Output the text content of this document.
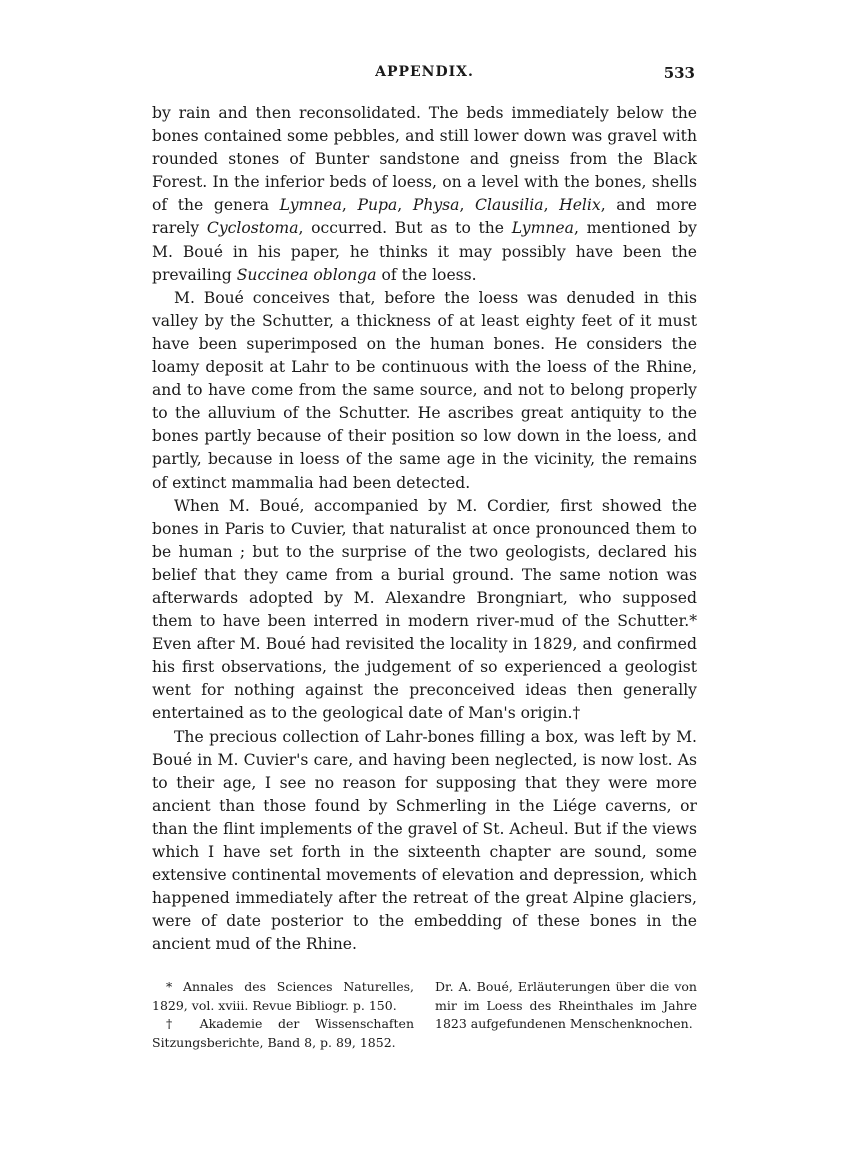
APPENDIX.	533

by rain and then reconsolidated. The beds immediately below the bones contained some pebbles, and still lower down was gravel with rounded stones of Bunter sandstone and gneiss from the Black Forest. In the inferior beds of loess, on a level with the bones, shells of the genera Lymnea, Pupa, Physa, Clausilia, Helix, and more rarely Cyclostoma, occurred. But as to the Lymnea, mentioned by M. Boué in his paper, he thinks it may possibly have been the prevailing Succinea oblonga of the loess.

M. Boué conceives that, before the loess was denuded in this valley by the Schutter, a thickness of at least eighty feet of it must have been superimposed on the human bones. He considers the loamy deposit at Lahr to be continuous with the loess of the Rhine, and to have come from the same source, and not to belong properly to the alluvium of the Schutter. He ascribes great antiquity to the bones partly because of their position so low down in the loess, and partly, because in loess of the same age in the vicinity, the remains of extinct mammalia had been detected.

When M. Boué, accompanied by M. Cordier, first showed the bones in Paris to Cuvier, that naturalist at once pronounced them to be human ; but to the surprise of the two geologists, declared his belief that they came from a burial ground. The same notion was afterwards adopted by M. Alexandre Brongniart, who supposed them to have been interred in modern river-mud of the Schutter.* Even after M. Boué had revisited the locality in 1829, and confirmed his first observations, the judgement of so experienced a geologist went for nothing against the preconceived ideas then generally entertained as to the geological date of Man's origin.†

The precious collection of Lahr-bones filling a box, was left by M. Boué in M. Cuvier's care, and having been neglected, is now lost. As to their age, I see no reason for supposing that they were more ancient than those found by Schmerling in the Liége caverns, or than the flint implements of the gravel of St. Acheul. But if the views which I have set forth in the sixteenth chapter are sound, some extensive continental movements of elevation and depression, which happened immediately after the retreat of the great Alpine glaciers, were of date posterior to the embedding of these bones in the ancient mud of the Rhine.

* Annales des Sciences Naturelles, 1829, vol. xviii. Revue Bibliogr. p. 150.

† Akademie der Wissenschaften Sitzungsberichte, Band 8, p. 89, 1852.

Dr. A. Boué, Erläuterungen über die von mir im Loess des Rheinthales im Jahre 1823 aufgefundenen Menschenknochen.
